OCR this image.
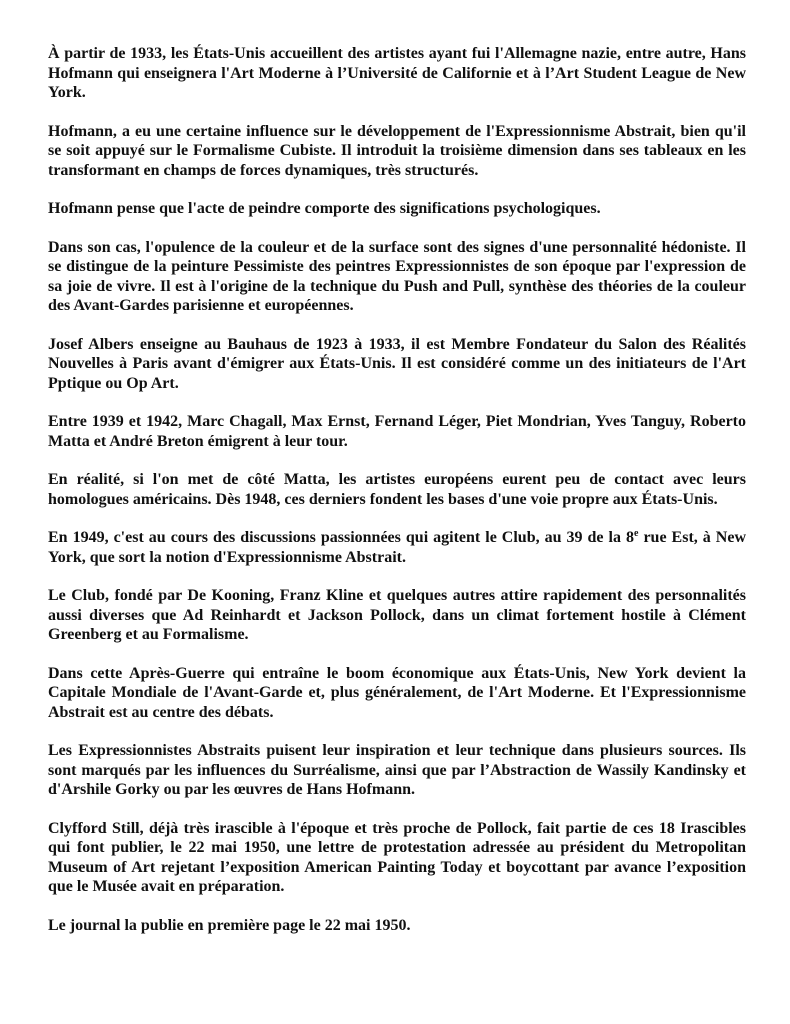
À partir de 1933, les États-Unis accueillent des artistes ayant fui l'Allemagne nazie, entre autre, Hans Hofmann qui enseignera l'Art Moderne à l’Université de Californie et à l’Art Student League de New York.

Hofmann, a eu une certaine influence sur le développement de l'Expressionnisme Abstrait, bien qu'il se soit appuyé sur le Formalisme Cubiste. Il introduit la troisième dimension dans ses tableaux en les transformant en champs de forces dynamiques, très structurés.

Hofmann pense que l'acte de peindre comporte des significations psychologiques.

Dans son cas, l'opulence de la couleur et de la surface sont des signes d'une personnalité hédoniste. Il se distingue de la peinture Pessimiste des peintres Expressionnistes de son époque par l'expression de sa joie de vivre. Il est à l'origine de la technique du Push and Pull, synthèse des théories de la couleur des Avant-Gardes parisienne et européennes.

Josef Albers enseigne au Bauhaus de 1923 à 1933, il est Membre Fondateur du Salon des Réalités Nouvelles à Paris avant d'émigrer aux États-Unis. Il est considéré comme un des initiateurs de l'Art Pptique ou Op Art.

Entre 1939 et 1942, Marc Chagall, Max Ernst, Fernand Léger, Piet Mondrian, Yves Tanguy, Roberto Matta et André Breton émigrent à leur tour.

En réalité, si l'on met de côté Matta, les artistes européens eurent peu de contact avec leurs homologues américains. Dès 1948, ces derniers fondent les bases d'une voie propre aux États-Unis.

En 1949, c'est au cours des discussions passionnées qui agitent le Club, au 39 de la 8e rue Est, à New York, que sort la notion d'Expressionnisme Abstrait.

Le Club, fondé par De Kooning, Franz Kline et quelques autres attire rapidement des personnalités aussi diverses que Ad Reinhardt et Jackson Pollock, dans un climat fortement hostile à Clément Greenberg et au Formalisme.

Dans cette Après-Guerre qui entraîne le boom économique aux États-Unis, New York devient la Capitale Mondiale de l'Avant-Garde et, plus généralement, de l'Art Moderne. Et l'Expressionnisme Abstrait est au centre des débats.

Les Expressionnistes Abstraits puisent leur inspiration et leur technique dans plusieurs sources. Ils sont marqués par les influences du Surréalisme, ainsi que par l’Abstraction de Wassily Kandinsky et d'Arshile Gorky ou par les œuvres de Hans Hofmann.

Clyfford Still, déjà très irascible à l'époque et très proche de Pollock, fait partie de ces 18 Irascibles qui font publier, le 22 mai 1950, une lettre de protestation adressée au président du Metropolitan Museum of Art rejetant l’exposition American Painting Today et boycottant par avance l’exposition que le Musée avait en préparation.

Le journal la publie en première page le 22 mai 1950.
